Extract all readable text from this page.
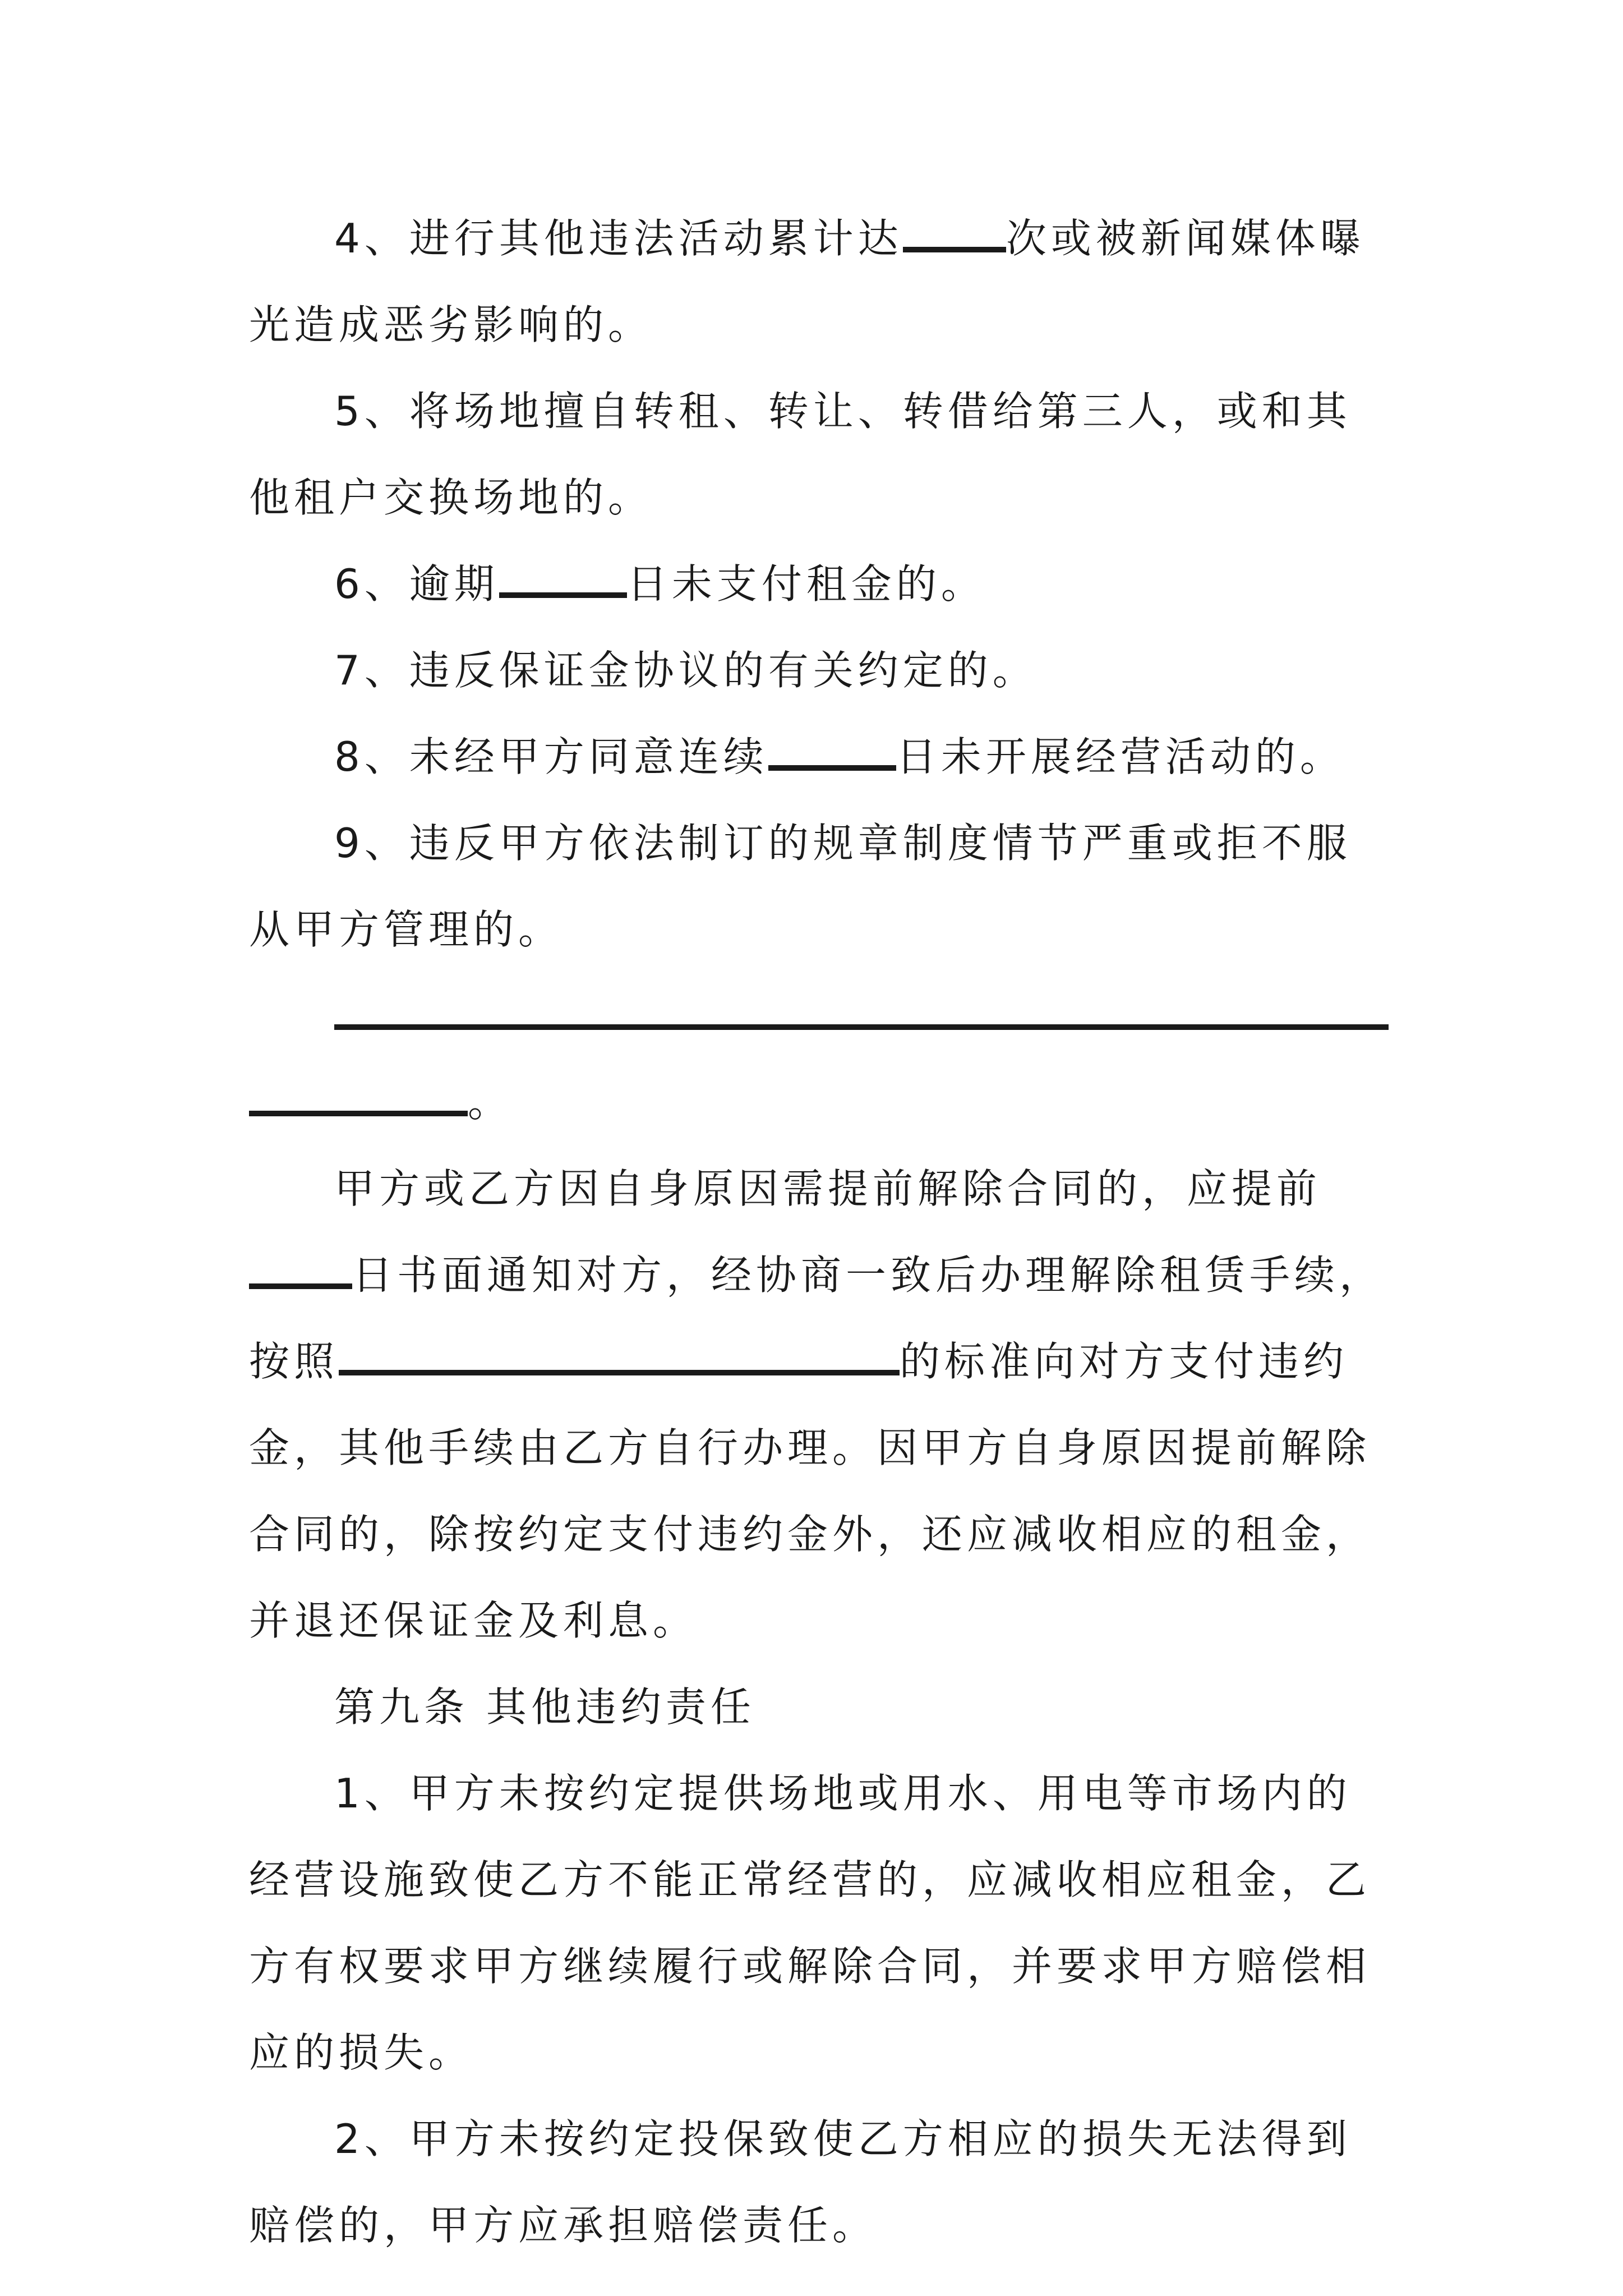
4、进行其他违法活动累计达	次或被新闻媒体曝光造成恶劣影响的。

5、将场地擅自转租、转让、转借给第三人，或和其他租户交换场地的。

6、逾期	日未支付租金的。

7、违反保证金协议的有关约定的。

8、未经甲方同意连续	日未开展经营活动的。

9、违反甲方依法制订的规章制度情节严重或拒不服从甲方管理的。

。

甲方或乙方因自身原因需提前解除合同的，应提前日书面通知对方，经协商一致后办理解除租赁手续，按照	的标准向对方支付违约金，其他手续由乙方自行办理。因甲方自身原因提前解除合同的，除按约定支付违约金外，还应减收相应的租金，并退还保证金及利息。

第九条 其他违约责任

1、甲方未按约定提供场地或用水、用电等市场内的经营设施致使乙方不能正常经营的，应减收相应租金，乙方有权要求甲方继续履行或解除合同，并要求甲方赔偿相应的损失。

2、甲方未按约定投保致使乙方相应的损失无法得到赔偿的，甲方应承担赔偿责任。
